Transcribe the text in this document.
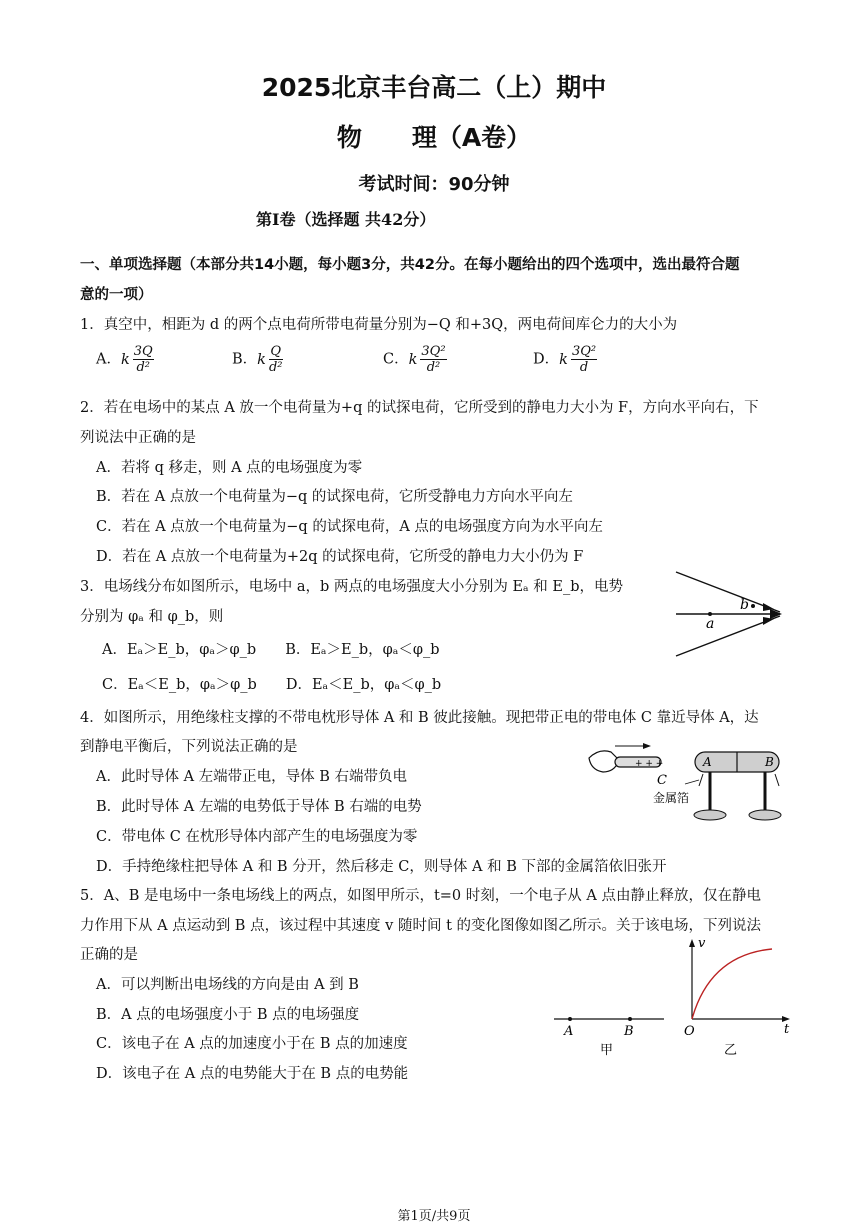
2025北京丰台高二（上）期中
物　　理（A卷）
考试时间：90分钟
第Ⅰ卷（选择题 共42分）
一、单项选择题（本部分共14小题，每小题3分，共42分。在每小题给出的四个选项中，选出最符合题
意的一项）
1．真空中，相距为 d 的两个点电荷所带电荷量分别为−Q 和+3Q，两电荷间库仑力的大小为
A．k $\frac{3Q}{\text{d²}}$	B．k $\frac{Q}{\text{d²}}$	C．k $\frac{\text{3Q²}}{\text{d²}}$	D．k $\frac{\text{3Q²}}{d}$
2．若在电场中的某点 A 放一个电荷量为+q 的试探电荷，它所受到的静电力大小为 F，方向水平向右，下
列说法中正确的是
A．若将 q 移走，则 A 点的电场强度为零
B．若在 A 点放一个电荷量为−q 的试探电荷，它所受静电力方向水平向左
C．若在 A 点放一个电荷量为−q 的试探电荷，A 点的电场强度方向为水平向左
D．若在 A 点放一个电荷量为+2q 的试探电荷，它所受的静电力大小仍为 F
3．电场线分布如图所示，电场中 a，b 两点的电场强度大小分别为 Eₐ 和 E_b，电势
分别为 φₐ 和 φ_b，则
A．Eₐ＞E_b，φₐ＞φ_b　　B．Eₐ＞E_b，φₐ＜φ_b
C．Eₐ＜E_b，φₐ＞φ_b　　D．Eₐ＜E_b，φₐ＜φ_b
a
b
4．如图所示，用绝缘柱支撑的不带电枕形导体 A 和 B 彼此接触。现把带正电的带电体 C 靠近导体 A，达
到静电平衡后，下列说法正确的是
A．此时导体 A 左端带正电，导体 B 右端带负电
B．此时导体 A 左端的电势低于导体 B 右端的电势
C．带电体 C 在枕形导体内部产生的电场强度为零
D．手持绝缘柱把导体 A 和 B 分开，然后移走 C，则导体 A 和 B 下部的金属箔依旧张开
+ + +
C
金属箔
A	B
5．A、B 是电场中一条电场线上的两点，如图甲所示，t=0 时刻，一个电子从 A 点由静止释放，仅在静电
力作用下从 A 点运动到 B 点，该过程中其速度 v 随时间 t 的变化图像如图乙所示。关于该电场，下列说法
正确的是
A．可以判断出电场线的方向是由 A 到 B
B．A 点的电场强度小于 B 点的电场强度
C．该电子在 A 点的加速度小于在 B 点的加速度
D．该电子在 A 点的电势能大于在 B 点的电势能
A	B
甲
v
t
O
乙
第1页/共9页
